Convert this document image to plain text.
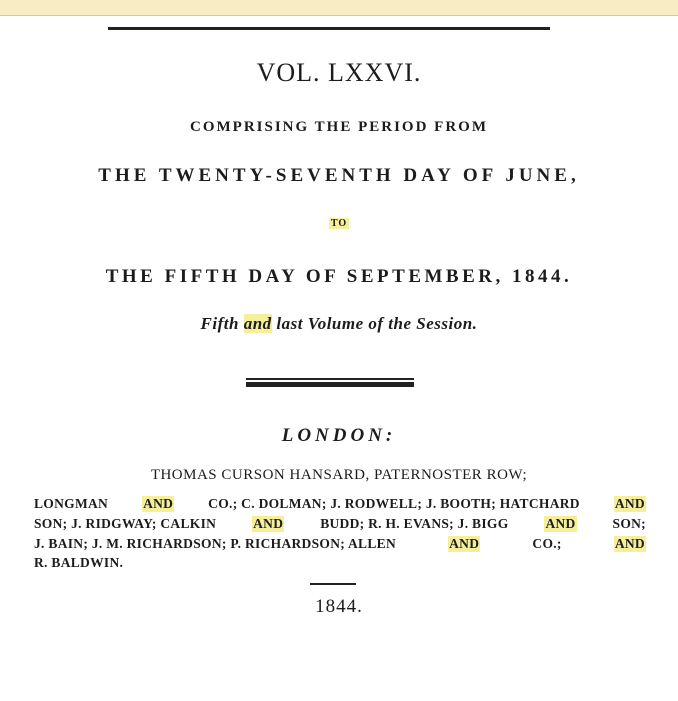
VOL. LXXVI.
COMPRISING THE PERIOD FROM
THE TWENTY-SEVENTH DAY OF JUNE,
TO
THE FIFTH DAY OF SEPTEMBER, 1844.
Fifth and last Volume of the Session.
LONDON:
THOMAS CURSON HANSARD, PATERNOSTER ROW;
LONGMAN	AND	CO.; C. DOLMAN; J. RODWELL; J. BOOTH; HATCHARD	AND
SON; J. RIDGWAY; CALKIN	AND	BUDD; R. H. EVANS; J. BIGG	AND	SON;
J. BAIN; J. M. RICHARDSON; P. RICHARDSON; ALLEN	AND	CO.;	AND
R. BALDWIN.
1844.
